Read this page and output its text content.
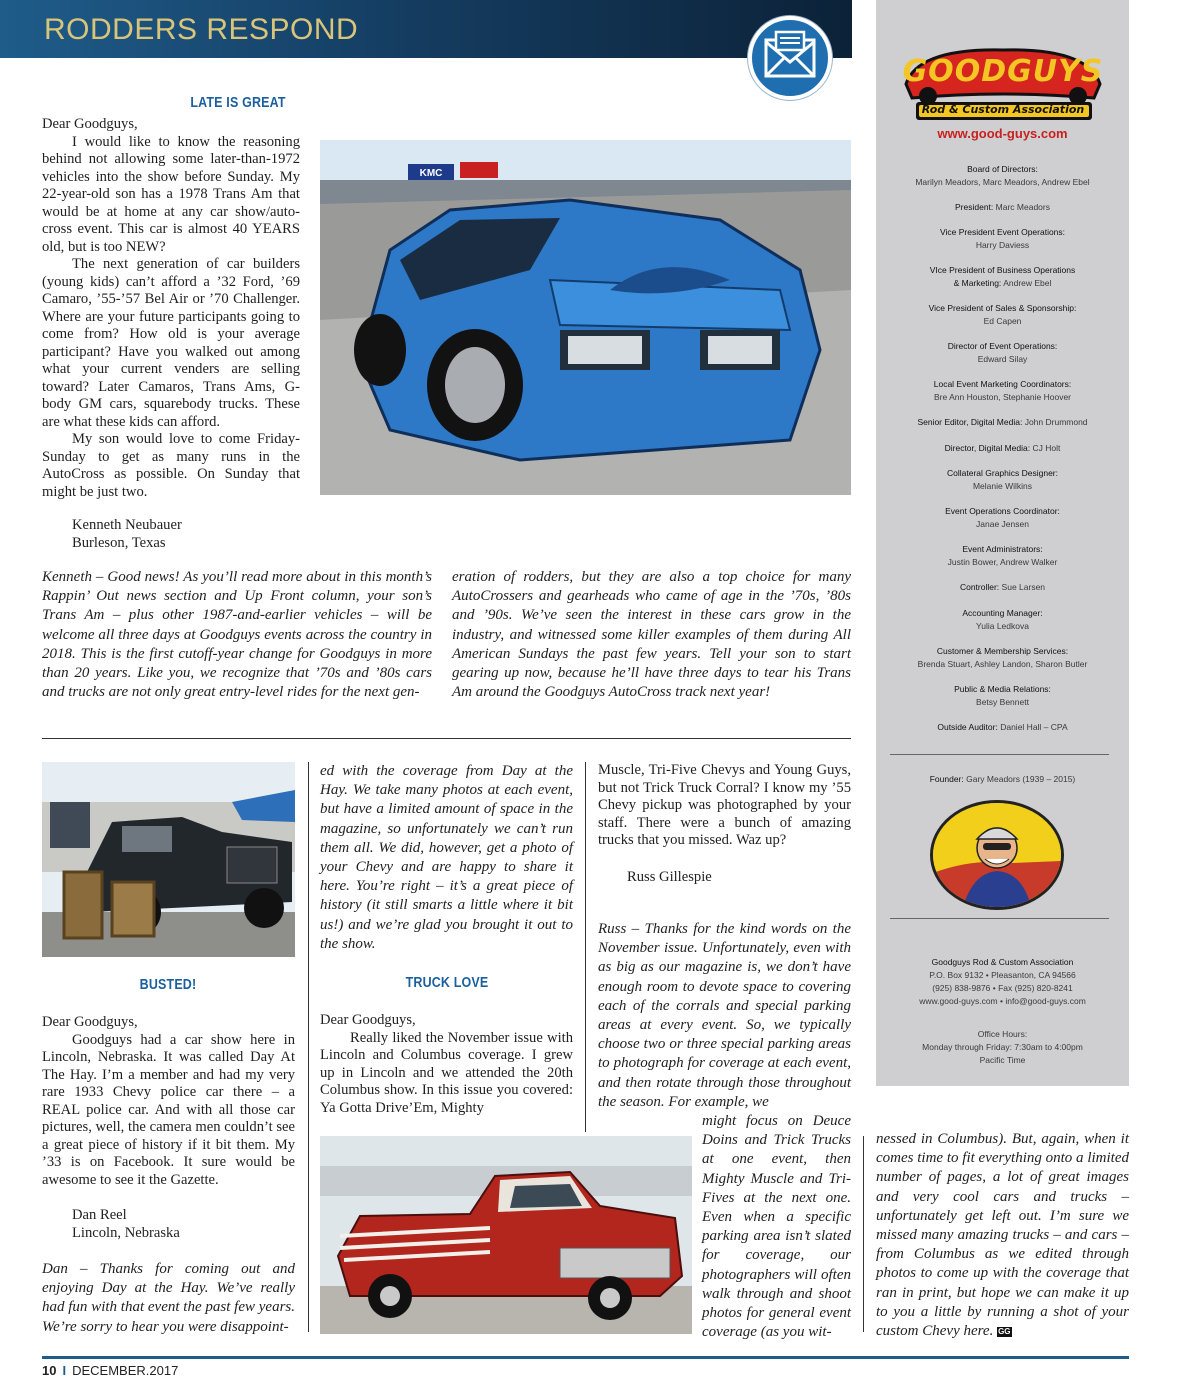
RODDERS RESPOND
GOODGUYS
Rod & Custom Association
www.good-guys.com
Founder: Gary Meadors (1939 – 2015)
Goodguys Rod & Custom Association
P.O. Box 9132 • Pleasanton, CA 94566
(925) 838-9876 • Fax (925) 820-8241
www.good-guys.com • info@good-guys.com
Office Hours:
Monday through Friday: 7:30am to 4:00pm
Pacific Time
Board of Directors:
Marilyn Meadors, Marc Meadors, Andrew Ebel
President: Marc Meadors
Vice President Event Operations:
Harry Daviess
VIce President of Business Operations
& Marketing: Andrew Ebel
Vice President of Sales & Sponsorship:
Ed Capen
Director of Event Operations:
Edward Silay
Local Event Marketing Coordinators:
Bre Ann Houston, Stephanie Hoover
Senior Editor, Digital Media: John Drummond
Director, Digital Media: CJ Holt
Collateral Graphics Designer:
Melanie Wilkins
Event Operations Coordinator:
Janae Jensen
Event Administrators:
Justin Bower, Andrew Walker
Controller: Sue Larsen
Accounting Manager:
Yulia Ledkova
Customer & Membership Services:
Brenda Stuart, Ashley Landon, Sharon Butler
Public & Media Relations:
Betsy Bennett
Outside Auditor: Daniel Hall – CPA
LATE IS GREAT

Dear Goodguys,

I would like to know the reasoning behind not allowing some later-than-1972 vehicles into the show before Sunday. My 22-year-old son has a 1978 Trans Am that would be at home at any car show/auto-cross event. This car is almost 40 YEARS old, but is too NEW?

The next generation of car builders (young kids) can’t afford a ’32 Ford, ’69 Camaro, ’55-’57 Bel Air or ’70 Challenger. Where are your future participants going to come from? How old is your average participant? Have you walked out among what your current venders are selling toward? Later Camaros, Trans Ams, G-body GM cars, squarebody trucks. These are what these kids can afford.

My son would love to come Friday-Sunday to get as many runs in the AutoCross as possible. On Sunday that might be just two.

Kenneth Neubauer
Burleson, Texas
KMC
Kenneth – Good news! As you’ll read more about in this month’s Rappin’ Out news section and Up Front column, your son’s Trans Am – plus other 1987-and-earlier vehicles – will be welcome all three days at Goodguys events across the country in 2018. This is the first cutoff-year change for Goodguys in more than 20 years. Like you, we recognize that ’70s and ’80s cars and trucks are not only great entry-level rides for the next gen-
eration of rodders, but they are also a top choice for many AutoCrossers and gearheads who came of age in the ’70s, ’80s and ’90s. We’ve seen the interest in these cars grow in the industry, and witnessed some killer examples of them during All American Sundays the past few years. Tell your son to start gearing up now, because he’ll have three days to tear his Trans Am around the Goodguys AutoCross track next year!
BUSTED!

Dear Goodguys,

Goodguys had a car show here in Lincoln, Nebraska. It was called Day At The Hay. I’m a member and had my very rare 1933 Chevy police car there – a REAL police car. And with all those car pictures, well, the camera men couldn’t see a great piece of history if it bit them. My ’33 is on Facebook. It sure would be awesome to see it the Gazette.

Dan Reel
Lincoln, Nebraska
Dan – Thanks for coming out and enjoying Day at the Hay. We’ve really had fun with that event the past few years. We’re sorry to hear you were disappoint-
ed with the coverage from Day at the Hay. We take many photos at each event, but have a limited amount of space in the magazine, so unfortunately we can’t run them all. We did, however, get a photo of your Chevy and are happy to share it here. You’re right – it’s a great piece of history (it still smarts a little where it bit us!) and we’re glad you brought it out to the show.
TRUCK LOVE

Dear Goodguys,

Really liked the November issue with Lincoln and Columbus coverage. I grew up in Lincoln and we attended the 20th Columbus show. In this issue you covered: Ya Gotta Drive’Em, Mighty

Muscle, Tri-Five Chevys and Young Guys, but not Trick Truck Corral? I know my ’55 Chevy pickup was photographed by your staff. There were a bunch of amazing trucks that you missed. Waz up?

Russ Gillespie
Russ – Thanks for the kind words on the November issue. Unfortunately, even with as big as our magazine is, we don’t have enough room to devote space to covering each of the corrals and special parking areas at every event. So, we typically choose two or three special parking areas to photograph for coverage at each event, and then rotate through those throughout the season. For example, we
might focus on Deuce Doins and Trick Trucks at one event, then Mighty Muscle and Tri-Fives at the next one. Even when a specific parking area isn’t slated for coverage, our photographers will often walk through and shoot photos for general event coverage (as you wit-
nessed in Columbus). But, again, when it comes time to fit everything onto a limited number of pages, a lot of great images and very cool cars and trucks – unfortunately get left out. I’m sure we missed many amazing trucks – and cars – from Columbus as we edited through photos to come up with the coverage that ran in print, but hope we can make it up to you a little by running a shot of your custom Chevy here. GG
10 I DECEMBER.2017
